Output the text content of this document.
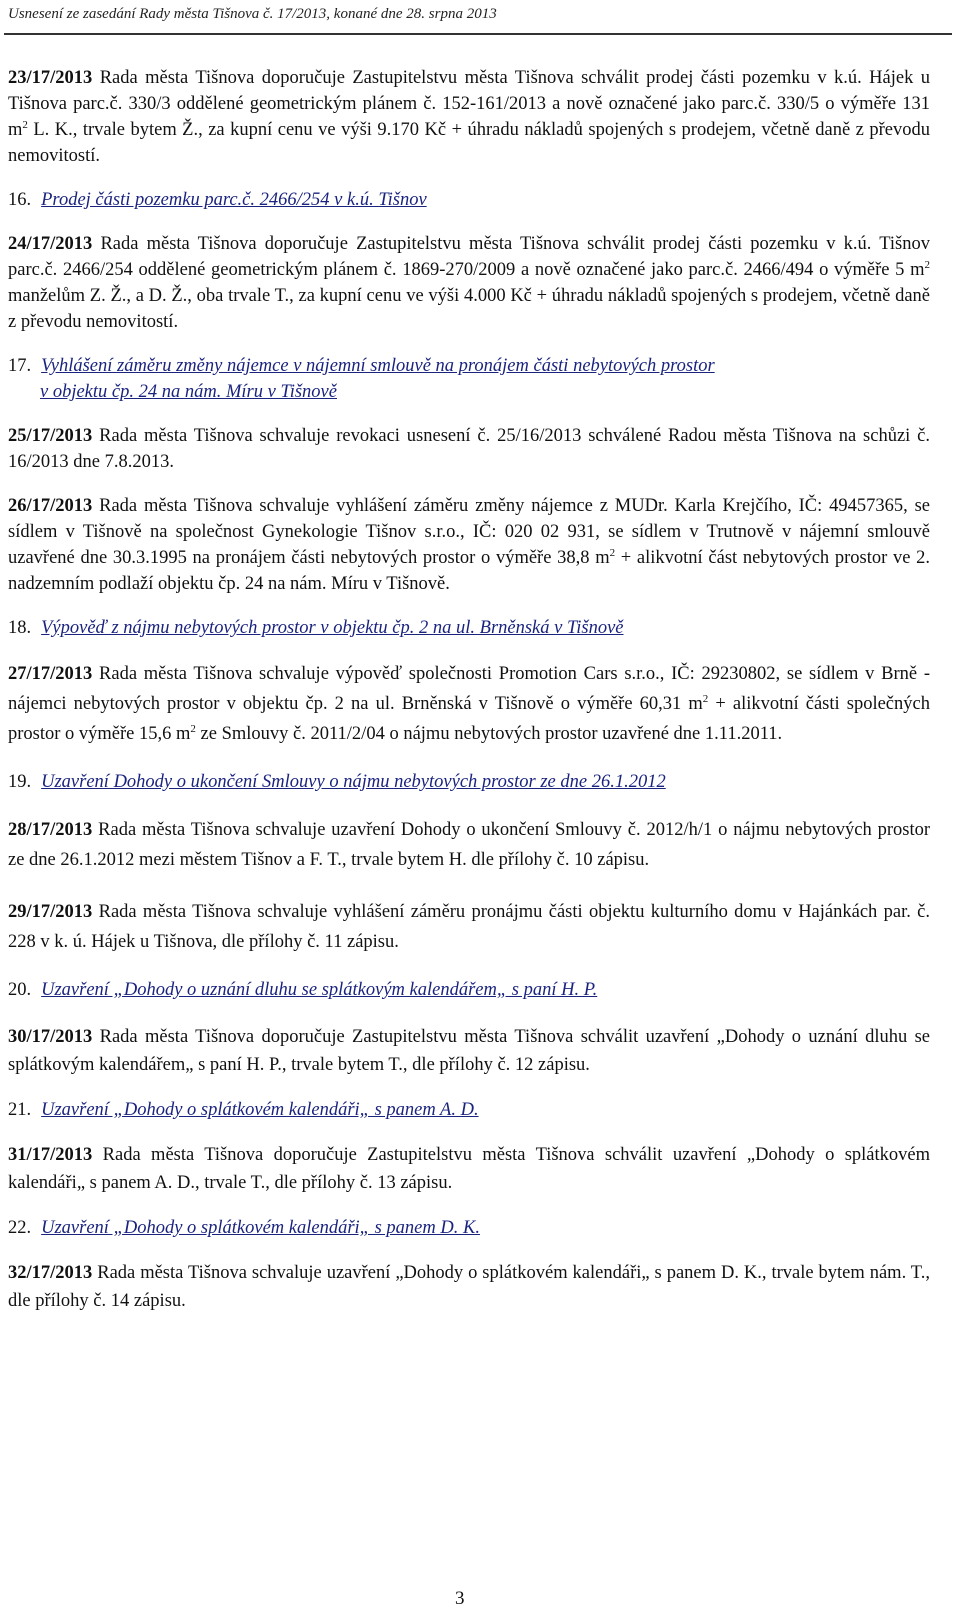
Usnesení ze zasedání Rady města Tišnova č. 17/2013, konané dne 28. srpna 2013

23/17/2013 Rada města Tišnova doporučuje Zastupitelstvu města Tišnova schválit prodej části pozemku v k.ú. Hájek u Tišnova parc.č. 330/3 oddělené geometrickým plánem č. 152-161/2013 a nově označené jako parc.č. 330/5 o výměře 131 $m^2$ L. K., trvale bytem Ž., za kupní cenu ve výši 9.170 Kč + úhradu nákladů spojených s prodejem, včetně daně z převodu nemovitostí.

16. Prodej části pozemku parc.č. 2466/254 v k.ú. Tišnov

24/17/2013 Rada města Tišnova doporučuje Zastupitelstvu města Tišnova schválit prodej části pozemku v k.ú. Tišnov parc.č. 2466/254 oddělené geometrickým plánem č. 1869-270/2009 a nově označené jako parc.č. 2466/494 o výměře 5 $m^2$ manželům Z. Ž., a D. Ž., oba trvale T., za kupní cenu ve výši 4.000 Kč + úhradu nákladů spojených s prodejem, včetně daně z převodu nemovitostí.

17. Vyhlášení záměru změny nájemce v nájemní smlouvě na pronájem části nebytových prostor

v objektu čp. 24 na nám. Míru v Tišnově

25/17/2013 Rada města Tišnova schvaluje revokaci usnesení č. 25/16/2013 schválené Radou města Tišnova na schůzi č. 16/2013 dne 7.8.2013.

26/17/2013 Rada města Tišnova schvaluje vyhlášení záměru změny nájemce z MUDr. Karla Krejčího, IČ: 49457365, se sídlem v Tišnově na společnost Gynekologie Tišnov s.r.o., IČ: 020 02 931, se sídlem v Trutnově v nájemní smlouvě uzavřené dne 30.3.1995 na pronájem části nebytových prostor o výměře 38,8 $m^2$ + alikvotní část nebytových prostor ve 2. nadzemním podlaží objektu čp. 24 na nám. Míru v Tišnově.

18. Výpověď z nájmu nebytových prostor v objektu čp. 2 na ul. Brněnská v Tišnově

27/17/2013 Rada města Tišnova schvaluje výpověď společnosti Promotion Cars s.r.o., IČ: 29230802, se sídlem v Brně - nájemci nebytových prostor v objektu čp. 2 na ul. Brněnská v Tišnově o výměře 60,31 $m^2$ + alikvotní části společných prostor o výměře 15,6 $m^2$ ze Smlouvy č. 2011/2/04 o nájmu nebytových prostor uzavřené dne 1.11.2011.

19. Uzavření Dohody o ukončení Smlouvy o nájmu nebytových prostor ze dne 26.1.2012

28/17/2013 Rada města Tišnova schvaluje uzavření Dohody o ukončení Smlouvy č. 2012/h/1 o nájmu nebytových prostor ze dne 26.1.2012 mezi městem Tišnov a F. T., trvale bytem H. dle přílohy č. 10 zápisu.

29/17/2013 Rada města Tišnova schvaluje vyhlášení záměru pronájmu části objektu kulturního domu v Hajánkách par. č. 228 v k. ú. Hájek u Tišnova, dle přílohy č. 11 zápisu.

20. Uzavření „Dohody o uznání dluhu se splátkovým kalendářem„ s paní H. P.

30/17/2013 Rada města Tišnova doporučuje Zastupitelstvu města Tišnova schválit uzavření „Dohody o uznání dluhu se splátkovým kalendářem„ s paní H. P., trvale bytem T., dle přílohy č. 12 zápisu.

21. Uzavření „Dohody o splátkovém kalendáři„ s panem A. D.

31/17/2013 Rada města Tišnova doporučuje Zastupitelstvu města Tišnova schválit uzavření „Dohody o splátkovém kalendáři„ s panem A. D., trvale T., dle přílohy č. 13 zápisu.

22. Uzavření „Dohody o splátkovém kalendáři„ s panem D. K.

32/17/2013 Rada města Tišnova schvaluje uzavření „Dohody o splátkovém kalendáři„ s panem D. K., trvale bytem nám. T., dle přílohy č. 14 zápisu.

3
